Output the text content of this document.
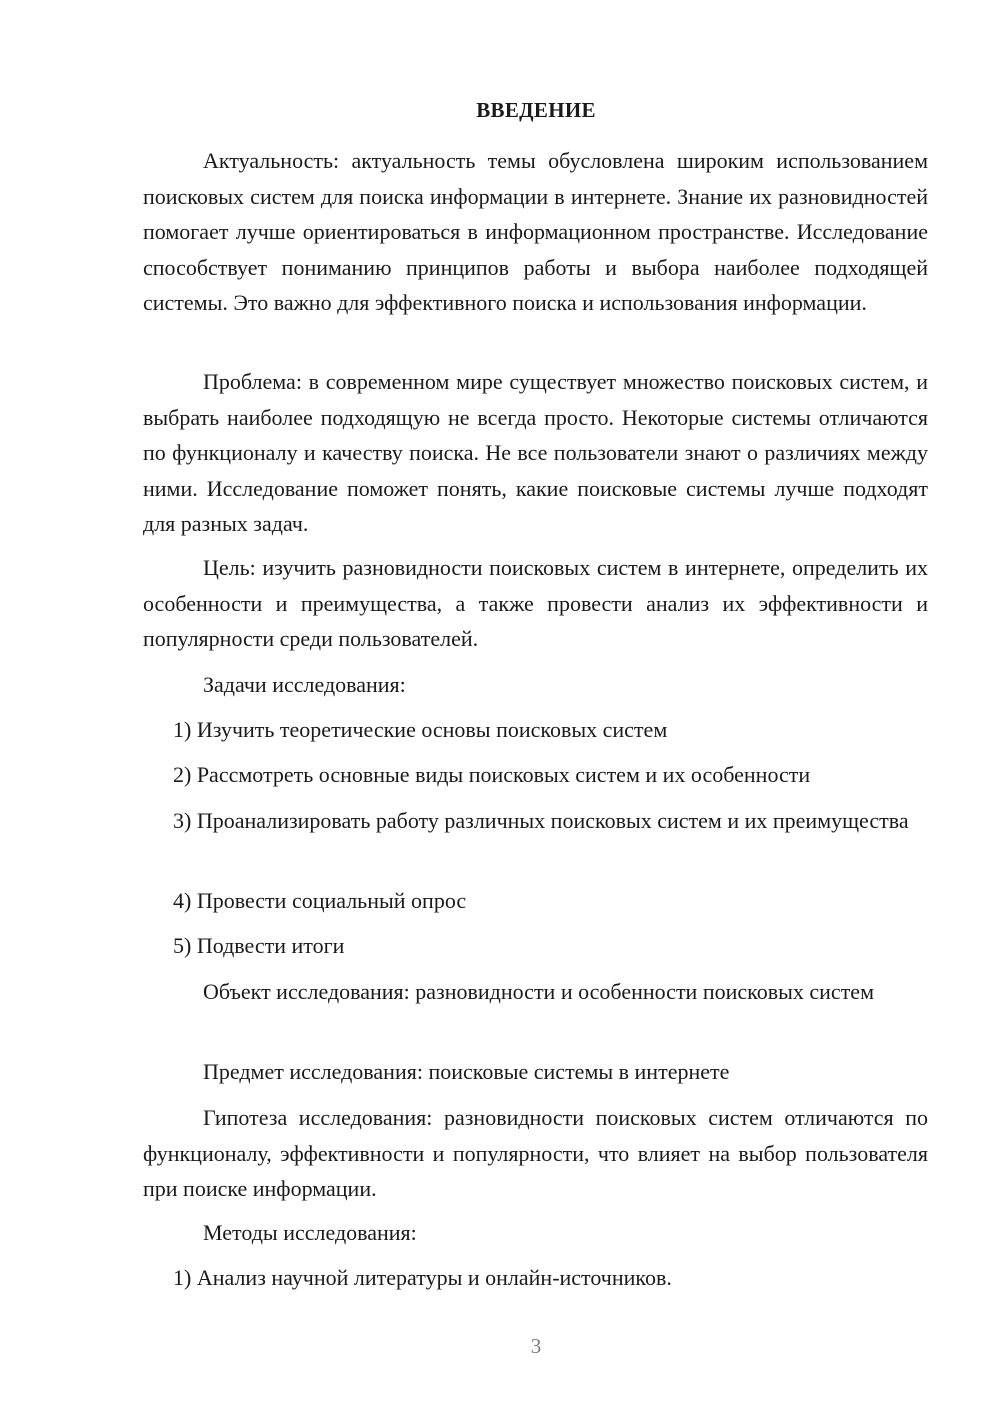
ВВЕДЕНИЕ

Актуальность: актуальность темы обусловлена широким использованием поисковых систем для поиска информации в интернете. Знание их разновидностей помогает лучше ориентироваться в информационном пространстве. Исследование способствует пониманию принципов работы и выбора наиболее подходящей системы. Это важно для эффективного поиска и использования информации.

Проблема: в современном мире существует множество поисковых систем, и выбрать наиболее подходящую не всегда просто. Некоторые системы отличаются по функционалу и качеству поиска. Не все пользователи знают о различиях между ними. Исследование поможет понять, какие поисковые системы лучше подходят для разных задач.

Цель: изучить разновидности поисковых систем в интернете, определить их особенности и преимущества, а также провести анализ их эффективности и популярности среди пользователей.

Задачи исследования:

1) Изучить теоретические основы поисковых систем

2) Рассмотреть основные виды поисковых систем и их особенности

3) Проанализировать работу различных поисковых систем и их преимущества

4) Провести социальный опрос

5) Подвести итоги

Объект исследования: разновидности и особенности поисковых систем

Предмет исследования: поисковые системы в интернете

Гипотеза исследования: разновидности поисковых систем отличаются по функционалу, эффективности и популярности, что влияет на выбор пользователя при поиске информации.

Методы исследования:

1) Анализ научной литературы и онлайн-источников.

3
